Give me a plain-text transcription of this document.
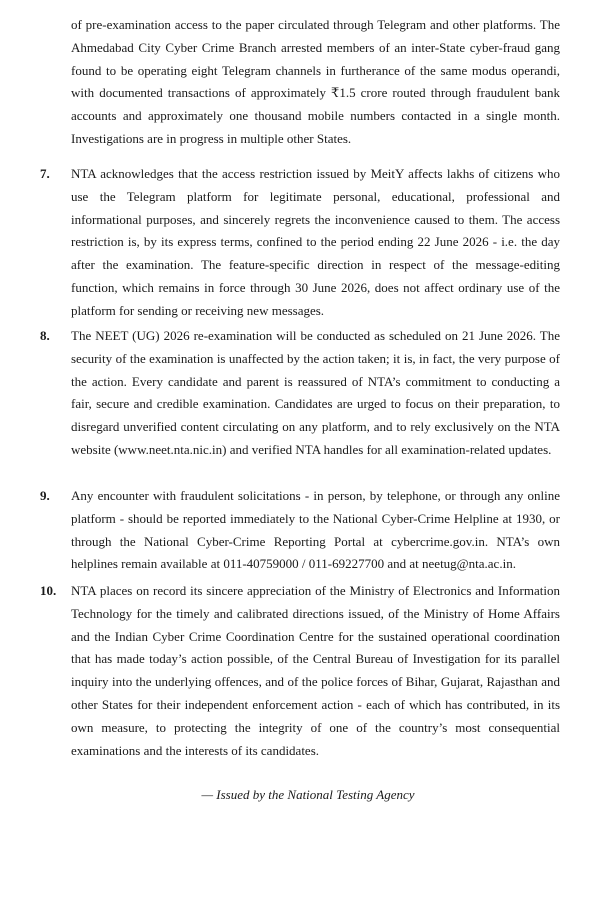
of pre-examination access to the paper circulated through Telegram and other platforms. The Ahmedabad City Cyber Crime Branch arrested members of an inter-State cyber-fraud gang found to be operating eight Telegram channels in furtherance of the same modus operandi, with documented transactions of approximately ₹1.5 crore routed through fraudulent bank accounts and approximately one thousand mobile numbers contacted in a single month. Investigations are in progress in multiple other States.

7. NTA acknowledges that the access restriction issued by MeitY affects lakhs of citizens who use the Telegram platform for legitimate personal, educational, professional and informational purposes, and sincerely regrets the inconvenience caused to them. The access restriction is, by its express terms, confined to the period ending 22 June 2026 - i.e. the day after the examination. The feature-specific direction in respect of the message-editing function, which remains in force through 30 June 2026, does not affect ordinary use of the platform for sending or receiving new messages.
8. The NEET (UG) 2026 re-examination will be conducted as scheduled on 21 June 2026. The security of the examination is unaffected by the action taken; it is, in fact, the very purpose of the action. Every candidate and parent is reassured of NTA’s commitment to conducting a fair, secure and credible examination. Candidates are urged to focus on their preparation, to disregard unverified content circulating on any platform, and to rely exclusively on the NTA website (www.neet.nta.nic.in) and verified NTA handles for all examination-related updates.
9. Any encounter with fraudulent solicitations - in person, by telephone, or through any online platform - should be reported immediately to the National Cyber-Crime Helpline at 1930, or through the National Cyber-Crime Reporting Portal at cybercrime.gov.in. NTA’s own helplines remain available at 011-40759000 / 011-69227700 and at neetug@nta.ac.in.
10. NTA places on record its sincere appreciation of the Ministry of Electronics and Information Technology for the timely and calibrated directions issued, of the Ministry of Home Affairs and the Indian Cyber Crime Coordination Centre for the sustained operational coordination that has made today’s action possible, of the Central Bureau of Investigation for its parallel inquiry into the underlying offences, and of the police forces of Bihar, Gujarat, Rajasthan and other States for their independent enforcement action - each of which has contributed, in its own measure, to protecting the integrity of one of the country’s most consequential examinations and the interests of its candidates.
— Issued by the National Testing Agency
